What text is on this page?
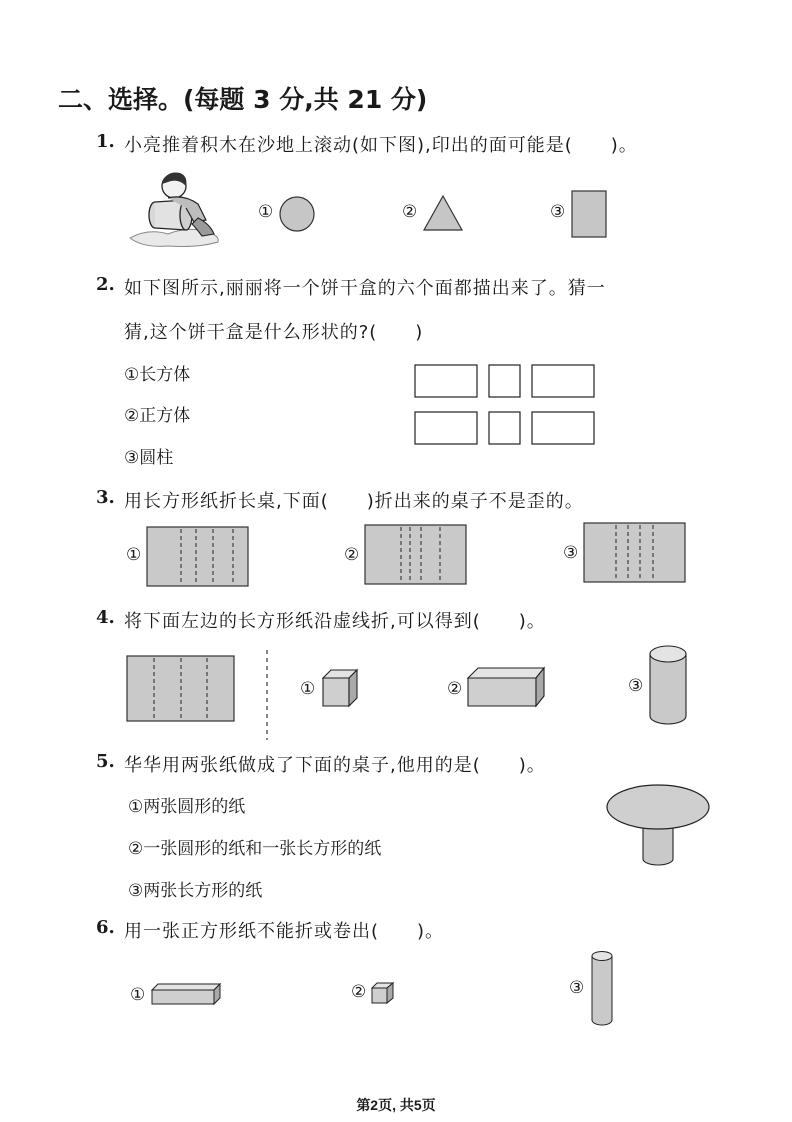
二、选择。(每题 3 分,共 21 分)
1. 小亮推着积木在沙地上滚动(如下图),印出的面可能是(　　)。
①	②	③
2. 如下图所示,丽丽将一个饼干盒的六个面都描出来了。猜一
猜,这个饼干盒是什么形状的?(　　)
①长方体
②正方体
③圆柱
3. 用长方形纸折长桌,下面(　　)折出来的桌子不是歪的。
①	②	③
4. 将下面左边的长方形纸沿虚线折,可以得到(　　)。
①	②	③
5. 华华用两张纸做成了下面的桌子,他用的是(　　)。
①两张圆形的纸
②一张圆形的纸和一张长方形的纸
③两张长方形的纸
6. 用一张正方形纸不能折或卷出(　　)。
①	②	③
第2页, 共5页
